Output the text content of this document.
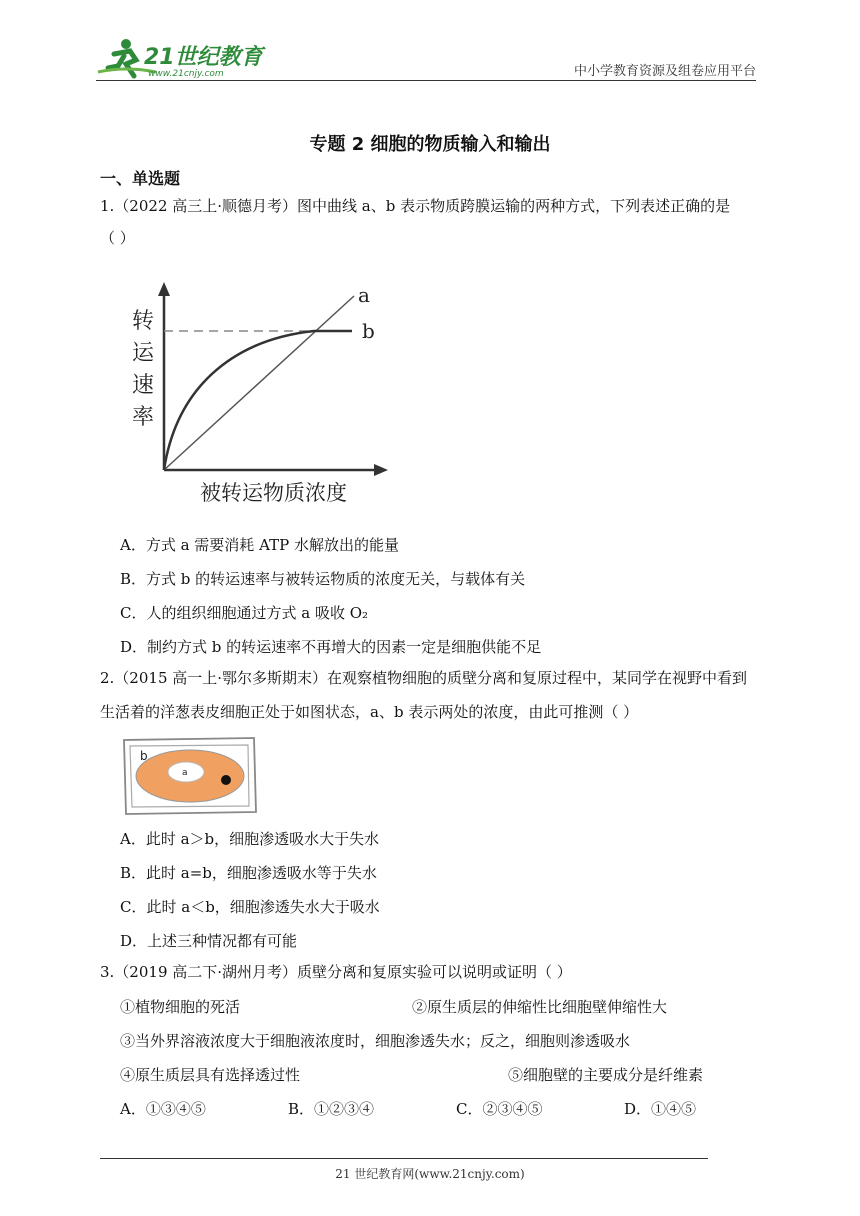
21世纪教育
www.21cnjy.com	中小学教育资源及组卷应用平台
专题 2 细胞的物质输入和输出
一、单选题
1.（2022 高三上·顺德月考）图中曲线 a、b 表示物质跨膜运输的两种方式，下列表述正确的是
（ ）
a
b
转
运
速
率
被转运物质浓度
A．方式 a 需要消耗 ATP 水解放出的能量
B．方式 b 的转运速率与被转运物质的浓度无关，与载体有关
C．人的组织细胞通过方式 a 吸收 O₂
D．制约方式 b 的转运速率不再增大的因素一定是细胞供能不足
2.（2015 高一上·鄂尔多斯期末）在观察植物细胞的质壁分离和复原过程中，某同学在视野中看到
生活着的洋葱表皮细胞正处于如图状态，a、b 表示两处的浓度，由此可推测（ ）
b
a
A．此时 a＞b，细胞渗透吸水大于失水
B．此时 a=b，细胞渗透吸水等于失水
C．此时 a＜b，细胞渗透失水大于吸水
D．上述三种情况都有可能
3.（2019 高二下·湖州月考）质壁分离和复原实验可以说明或证明（ ）
①植物细胞的死活	②原生质层的伸缩性比细胞壁伸缩性大
③当外界溶液浓度大于细胞液浓度时，细胞渗透失水；反之，细胞则渗透吸水
④原生质层具有选择透过性	⑤细胞壁的主要成分是纤维素
A．①③④⑤	B．①②③④	C．②③④⑤	D．①④⑤
21 世纪教育网(www.21cnjy.com)
